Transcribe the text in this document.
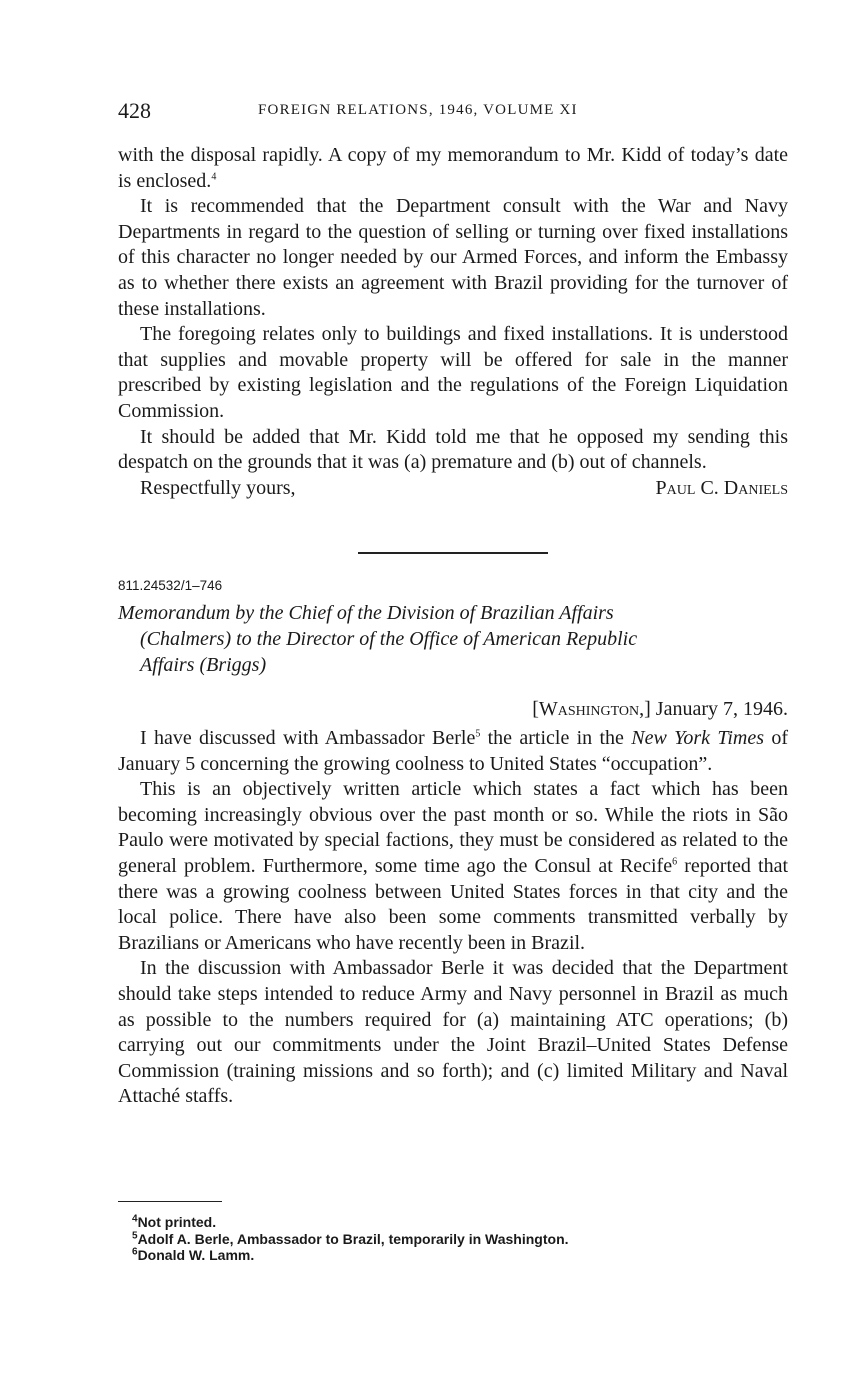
428	FOREIGN RELATIONS, 1946, VOLUME XI

with the disposal rapidly. A copy of my memorandum to Mr. Kidd of today’s date is enclosed.$^4$

It is recommended that the Department consult with the War and Navy Departments in regard to the question of selling or turning over fixed installations of this character no longer needed by our Armed Forces, and inform the Embassy as to whether there exists an agreement with Brazil providing for the turnover of these installations.

The foregoing relates only to buildings and fixed installations. It is understood that supplies and movable property will be offered for sale in the manner prescribed by existing legislation and the regulations of the Foreign Liquidation Commission.

It should be added that Mr. Kidd told me that he opposed my sending this despatch on the grounds that it was (a) premature and (b) out of channels.

Respectfully yours,	Paul C. Daniels
811.24532/1–746
Memorandum by the Chief of the Division of Brazilian Affairs
(Chalmers) to the Director of the Office of American Republic
Affairs (Briggs)
[Washington,] January 7, 1946.

I have discussed with Ambassador Berle$^5$ the article in the New York Times of January 5 concerning the growing coolness to United States “occupation”.

This is an objectively written article which states a fact which has been becoming increasingly obvious over the past month or so. While the riots in São Paulo were motivated by special factions, they must be considered as related to the general problem. Furthermore, some time ago the Consul at Recife$^6$ reported that there was a growing coolness between United States forces in that city and the local police. There have also been some comments transmitted verbally by Brazilians or Americans who have recently been in Brazil.

In the discussion with Ambassador Berle it was decided that the Department should take steps intended to reduce Army and Navy personnel in Brazil as much as possible to the numbers required for (a) maintaining ATC operations; (b) carrying out our commitments under the Joint Brazil–United States Defense Commission (training missions and so forth); and (c) limited Military and Naval Attaché staffs.

$^4$Not printed.
$^5$Adolf A. Berle, Ambassador to Brazil, temporarily in Washington.
$^6$Donald W. Lamm.
